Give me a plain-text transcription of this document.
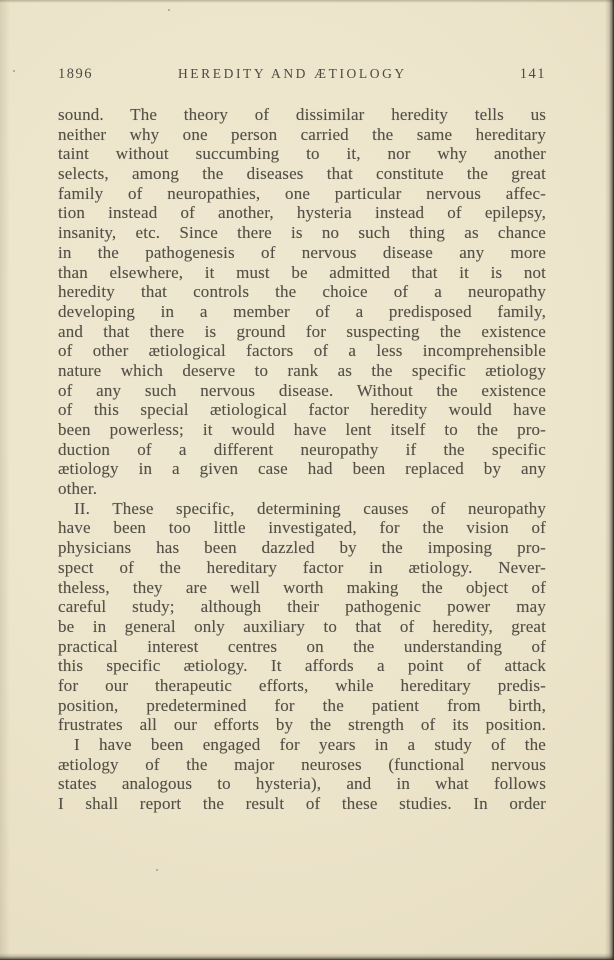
1896	HEREDITY AND ÆTIOLOGY	141
sound. The theory of dissimilar heredity tells us
neither why one person carried the same hereditary
taint without succumbing to it, nor why another
selects, among the diseases that constitute the great
family of neuropathies, one particular nervous affec-
tion instead of another, hysteria instead of epilepsy,
insanity, etc. Since there is no such thing as chance
in the pathogenesis of nervous disease any more
than elsewhere, it must be admitted that it is not
heredity that controls the choice of a neuropathy
developing in a member of a predisposed family,
and that there is ground for suspecting the existence
of other ætiological factors of a less incomprehensible
nature which deserve to rank as the specific ætiology
of any such nervous disease. Without the existence
of this special ætiological factor heredity would have
been powerless; it would have lent itself to the pro-
duction of a different neuropathy if the specific
ætiology in a given case had been replaced by any
other.
II. These specific, determining causes of neuropathy
have been too little investigated, for the vision of
physicians has been dazzled by the imposing pro-
spect of the hereditary factor in ætiology. Never-
theless, they are well worth making the object of
careful study; although their pathogenic power may
be in general only auxiliary to that of heredity, great
practical interest centres on the understanding of
this specific ætiology. It affords a point of attack
for our therapeutic efforts, while hereditary predis-
position, predetermined for the patient from birth,
frustrates all our efforts by the strength of its position.
I have been engaged for years in a study of the
ætiology of the major neuroses (functional nervous
states analogous to hysteria), and in what follows
I shall report the result of these studies. In order
